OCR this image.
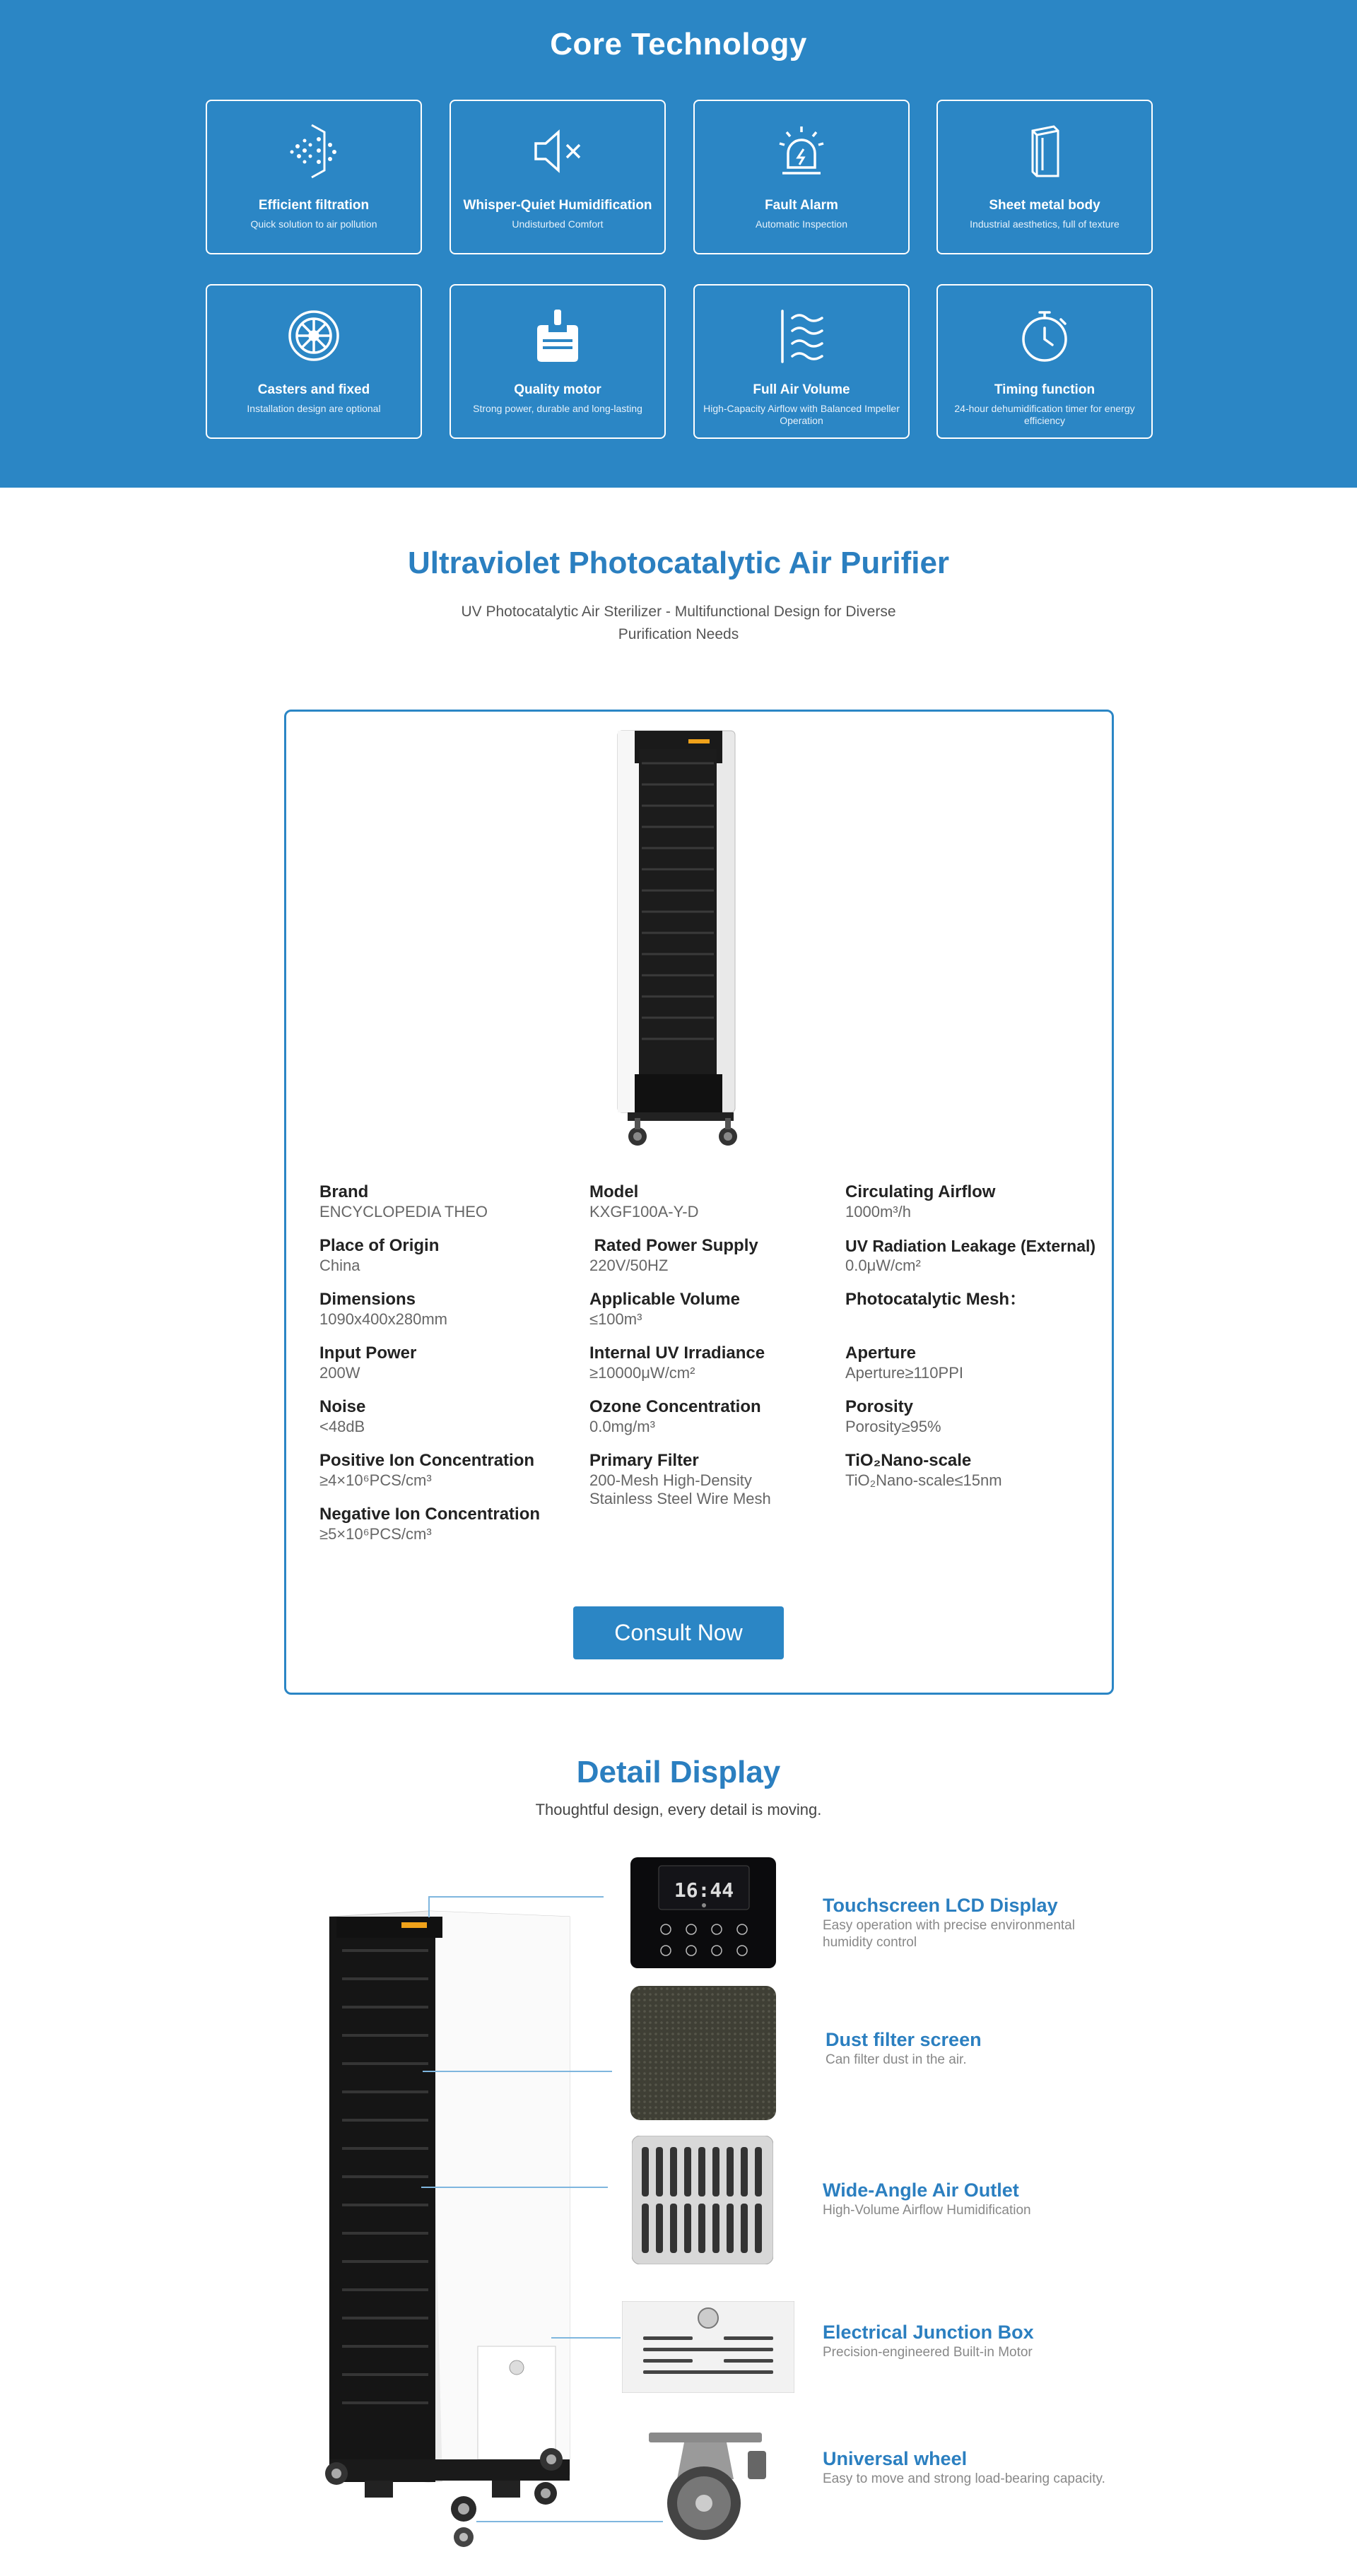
Core Technology
Efficient filtration
Quick solution to air pollution
Whisper-Quiet Humidification
Undisturbed Comfort
Fault Alarm
Automatic Inspection
Sheet metal body
Industrial aesthetics, full of texture
Casters and fixed
Installation design are optional
Quality motor
Strong power, durable and long-lasting
Full Air Volume
High-Capacity Airflow with Balanced Impeller Operation
Timing function
24-hour dehumidification timer for energy efficiency
Ultraviolet Photocatalytic Air Purifier

UV Photocatalytic Air Sterilizer - Multifunctional Design for Diverse Purification Needs

Brand
ENCYCLOPEDIA THEO
Place of Origin
China
Dimensions
1090x400x280mm
Input Power
200W
Noise
<48dB
Positive Ion Concentration
≥4×10⁶PCS/cm³
Negative Ion Concentration
≥5×10⁶PCS/cm³
Model
KXGF100A-Y-D
Rated Power Supply
220V/50HZ
Applicable Volume
≤100m³
Internal UV Irradiance
≥10000μW/cm²
Ozone Concentration
0.0mg/m³
Primary Filter
200-Mesh High-Density Stainless Steel Wire Mesh
Circulating Airflow
1000m³/h
UV Radiation Leakage (External)
0.0μW/cm²
Photocatalytic Mesh：
Aperture
Aperture≥110PPI
Porosity
Porosity≥95%
TiO₂Nano-scale
TiO₂Nano-scale≤15nm
Consult Now
Detail Display

Thoughtful design, every detail is moving.

16:44
Touchscreen LCD Display
Easy operation with precise environmental humidity control
Dust filter screen
Can filter dust in the air.
Wide-Angle Air Outlet
High-Volume Airflow Humidification
Electrical Junction Box
Precision-engineered Built-in Motor
Universal wheel
Easy to move and strong load-bearing capacity.
